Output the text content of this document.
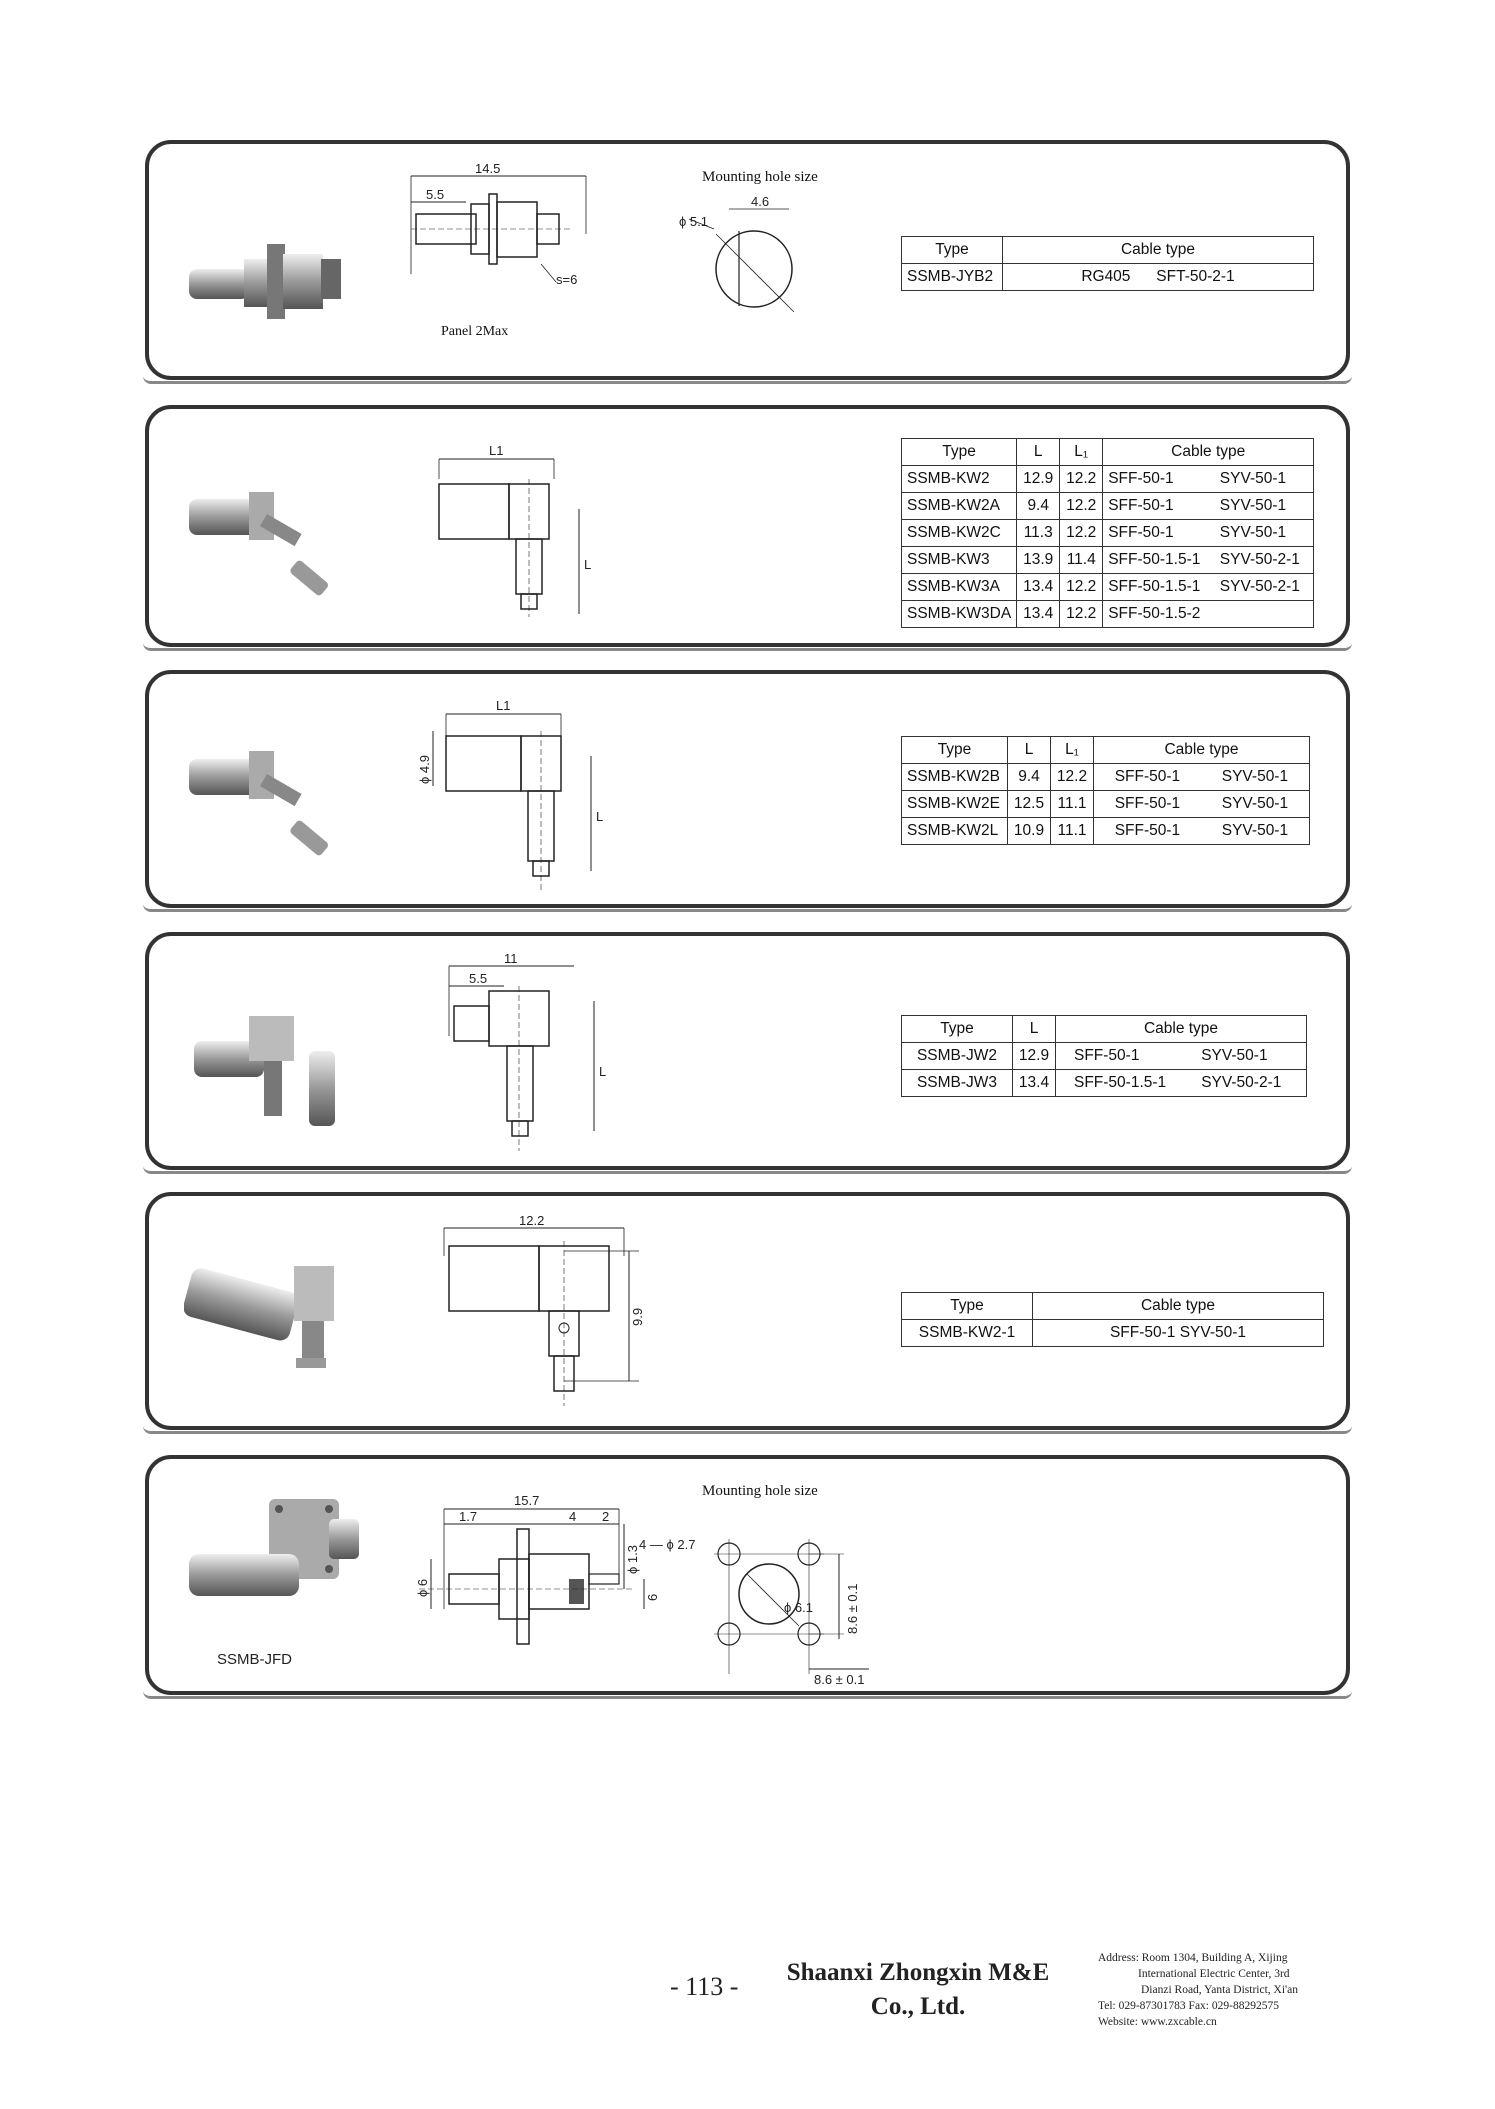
Mounting hole size
14.5
5.5
s=6
Panel 2Max
ϕ 5.1
4.6
Type	Cable type
SSMB-JYB2	RG405 SFT-50-2-1
L1
L
Type	L	L₁	Cable type	
SSMB-KW2	12.9	12.2	SFF-50-1	SYV-50-1
SSMB-KW2A	9.4	12.2	SFF-50-1	SYV-50-1
SSMB-KW2C	11.3	12.2	SFF-50-1	SYV-50-1
SSMB-KW3	13.9	11.4	SFF-50-1.5-1	SYV-50-2-1
SSMB-KW3A	13.4	12.2	SFF-50-1.5-1	SYV-50-2-1
SSMB-KW3DA	13.4	12.2	SFF-50-1.5-2	
L1
L
ϕ 4.9
Type	L	L₁	Cable type	
SSMB-KW2B	9.4	12.2	SFF-50-1	SYV-50-1
SSMB-KW2E	12.5	11.1	SFF-50-1	SYV-50-1
SSMB-KW2L	10.9	11.1	SFF-50-1	SYV-50-1
11
5.5
L
Type	L	Cable type	
SSMB-JW2	12.9	SFF-50-1	SYV-50-1
SSMB-JW3	13.4	SFF-50-1.5-1	SYV-50-2-1
12.2
9.9
Type	Cable type
SSMB-KW2-1	SFF-50-1 SYV-50-1
Mounting hole size
SSMB-JFD
15.7
1.7	4 2
ϕ 1.3
ϕ 6
6
4 — ϕ 2.7
ϕ 6.1 8.6 ± 0.1
8.6 ± 0.1
- 113 -	Shaanxi Zhongxin M&E
Co., Ltd.
Address: Room 1304, Building A, Xijing
International Electric Center, 3rd
Dianzi Road, Yanta District, Xi'an
Tel: 029-87301783 Fax: 029-88292575
Website: www.zxcable.cn
